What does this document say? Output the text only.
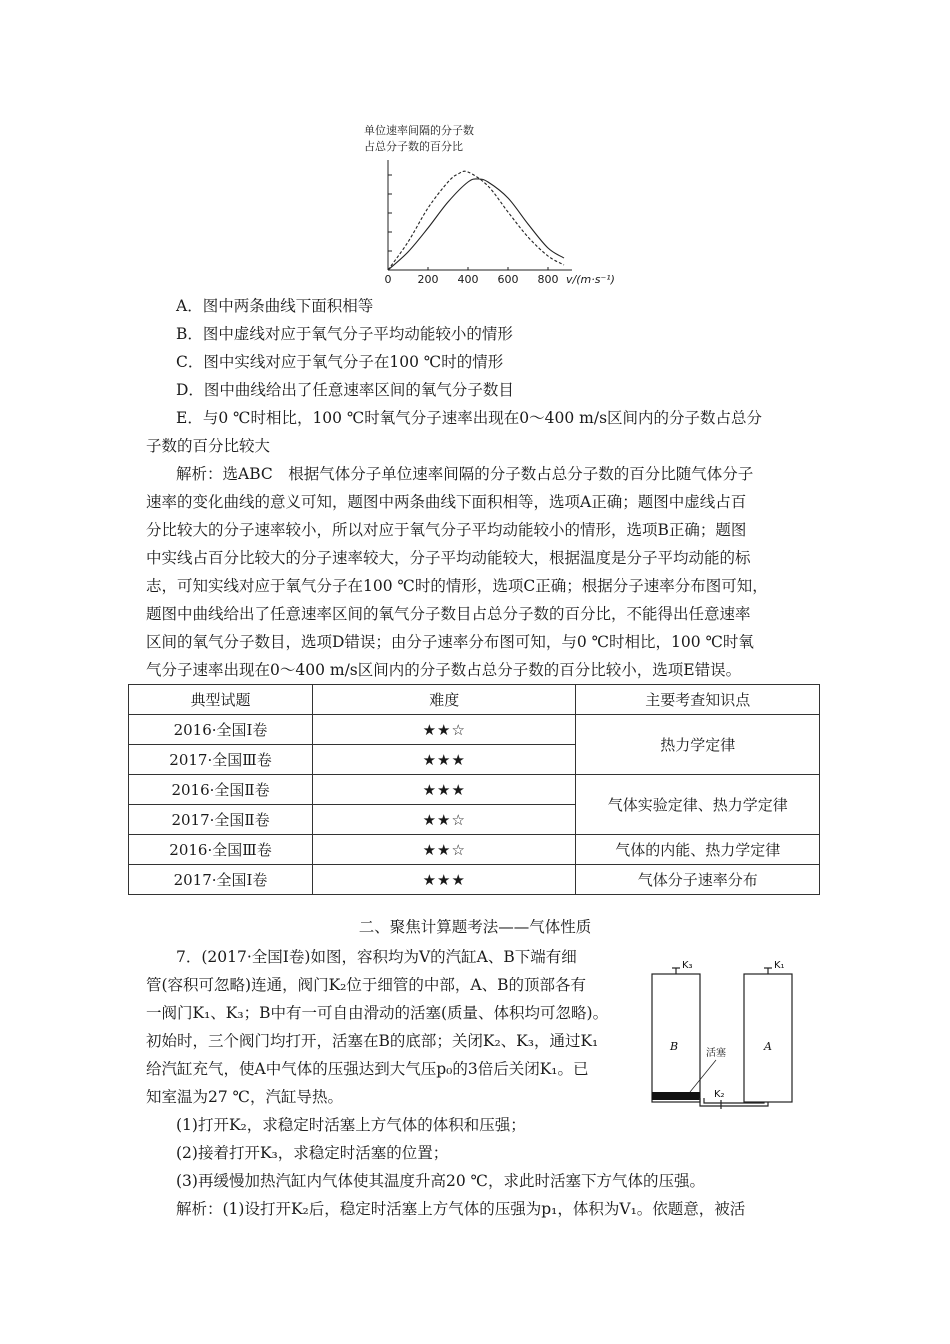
单位速率间隔的分子数
占总分子数的百分比
0 200 400 600 800 v/(m·s⁻¹)
A．图中两条曲线下面积相等
B．图中虚线对应于氧气分子平均动能较小的情形
C．图中实线对应于氧气分子在100 ℃时的情形
D．图中曲线给出了任意速率区间的氧气分子数目
E．与0 ℃时相比，100 ℃时氧气分子速率出现在0～400 m/s区间内的分子数占总分
子数的百分比较大
解析：选ABC　根据气体分子单位速率间隔的分子数占总分子数的百分比随气体分子
速率的变化曲线的意义可知，题图中两条曲线下面积相等，选项A正确；题图中虚线占百
分比较大的分子速率较小，所以对应于氧气分子平均动能较小的情形，选项B正确；题图
中实线占百分比较大的分子速率较大，分子平均动能较大，根据温度是分子平均动能的标
志，可知实线对应于氧气分子在100 ℃时的情形，选项C正确；根据分子速率分布图可知，
题图中曲线给出了任意速率区间的氧气分子数目占总分子数的百分比，不能得出任意速率
区间的氧气分子数目，选项D错误；由分子速率分布图可知，与0 ℃时相比，100 ℃时氧
气分子速率出现在0～400 m/s区间内的分子数占总分子数的百分比较小，选项E错误。
典型试题	难度	主要考查知识点
2016·全国Ⅰ卷	★★☆	热力学定律
2017·全国Ⅲ卷	★★★	
2016·全国Ⅱ卷	★★★	气体实验定律、热力学定律
2017·全国Ⅱ卷	★★☆	
2016·全国Ⅲ卷	★★☆	气体的内能、热力学定律
2017·全国Ⅰ卷	★★★	气体分子速率分布
二、聚焦计算题考法——气体性质
7．(2017·全国Ⅰ卷)如图，容积均为V的汽缸A、B下端有细
管(容积可忽略)连通，阀门K₂位于细管的中部，A、B的顶部各有
一阀门K₁、K₃；B中有一可自由滑动的活塞(质量、体积均可忽略)。
初始时，三个阀门均打开，活塞在B的底部；关闭K₂、K₃，通过K₁
给汽缸充气，使A中气体的压强达到大气压p₀的3倍后关闭K₁。已
知室温为27 ℃，汽缸导热。
(1)打开K₂，求稳定时活塞上方气体的体积和压强；
(2)接着打开K₃，求稳定时活塞的位置；
(3)再缓慢加热汽缸内气体使其温度升高20 ℃，求此时活塞下方气体的压强。
解析：(1)设打开K₂后，稳定时活塞上方气体的压强为p₁，体积为V₁。依题意，被活
K₃
B
K₁
A
K₂
活塞
